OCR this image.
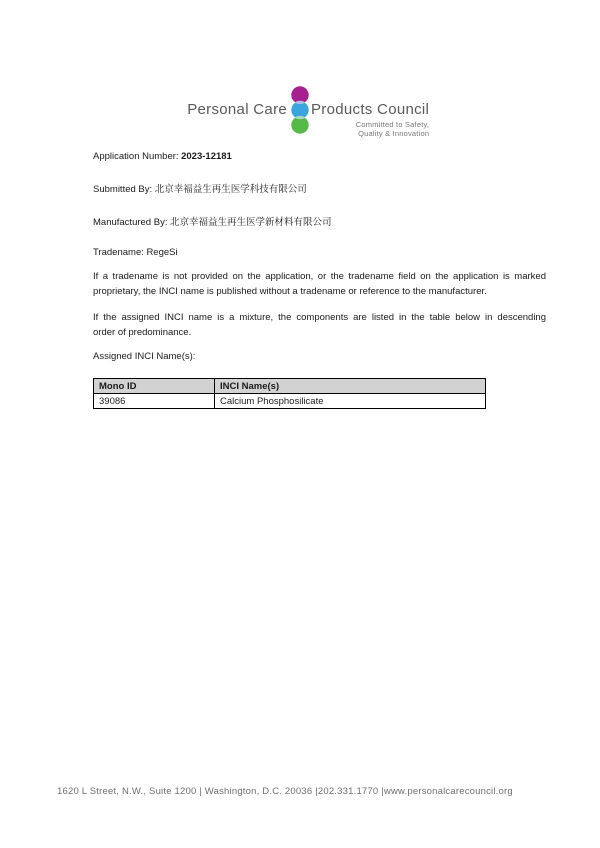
Personal Care Products Council
Committed to Safety,
Quality & Innovation
Application Number: 2023-12181
Submitted By: 北京幸福益生再生医学科技有限公司
Manufactured By: 北京幸福益生再生医学新材料有限公司
Tradename: RegeSi
If a tradename is not provided on the application, or the tradename field on the application is marked
proprietary, the INCI name is published without a tradename or reference to the manufacturer.
If the assigned INCI name is a mixture, the components are listed in the table below in descending
order of predominance.
Assigned INCI Name(s):
Mono ID	INCI Name(s)
39086	Calcium Phosphosilicate
1620 L Street, N.W., Suite 1200 | Washington, D.C. 20036 |202.331.1770 |www.personalcarecouncil.org
